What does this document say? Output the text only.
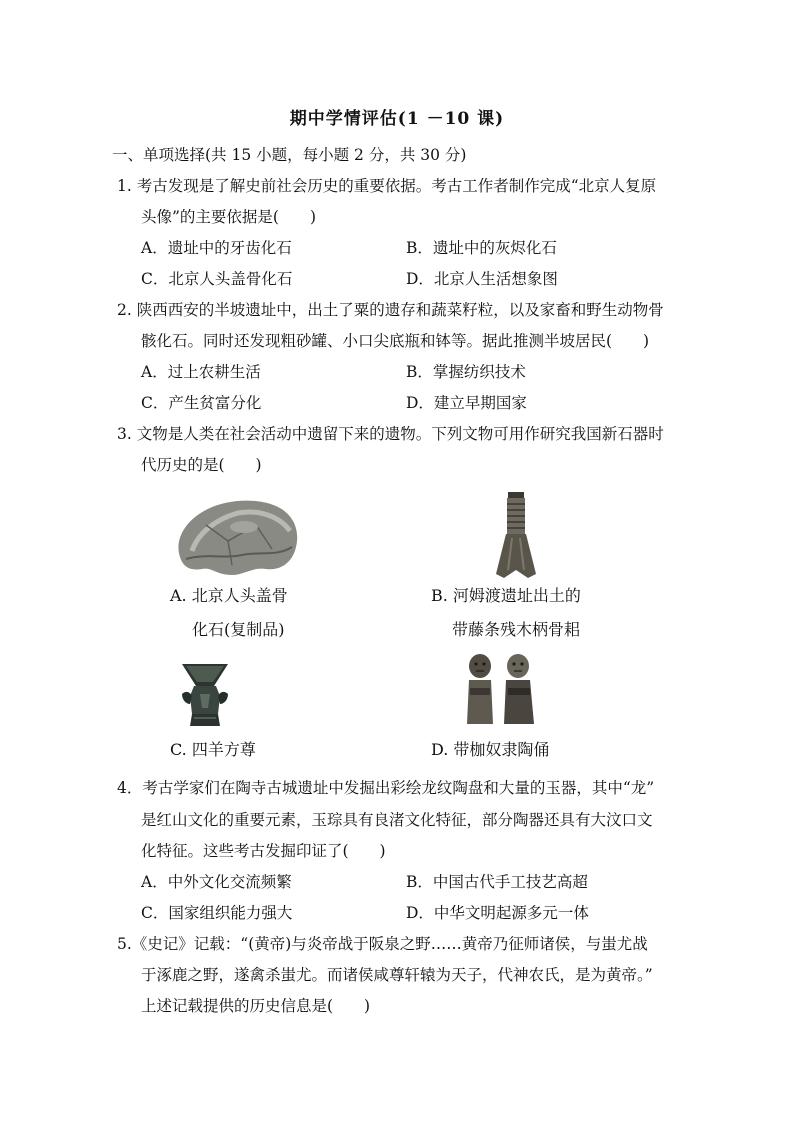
期中学情评估(1 －10 课)
一、单项选择(共 15 小题，每小题 2 分，共 30 分)
1. 考古发现是了解史前社会历史的重要依据。考古工作者制作完成“北京人复原
头像”的主要依据是(　　)
A．遗址中的牙齿化石	B．遗址中的灰烬化石
C．北京人头盖骨化石	D．北京人生活想象图
2. 陕西西安的半坡遗址中，出土了粟的遗存和蔬菜籽粒，以及家畜和野生动物骨
骸化石。同时还发现粗砂罐、小口尖底瓶和钵等。据此推测半坡居民(　　)
A．过上农耕生活	B．掌握纺织技术
C．产生贫富分化	D．建立早期国家
3. 文物是人类在社会活动中遗留下来的遗物。下列文物可用作研究我国新石器时
代历史的是(　　)
A. 北京人头盖骨
化石(复制品)
B. 河姆渡遗址出土的
带藤条残木柄骨耜
C. 四羊方尊	D. 带枷奴隶陶俑
4．考古学家们在陶寺古城遗址中发掘出彩绘龙纹陶盘和大量的玉器，其中“龙”
是红山文化的重要元素，玉琮具有良渚文化特征，部分陶器还具有大汶口文
化特征。这些考古发掘印证了(　　)
A．中外文化交流频繁	B．中国古代手工技艺高超
C．国家组织能力强大	D．中华文明起源多元一体
5.《史记》记载：“(黄帝)与炎帝战于阪泉之野……黄帝乃征师诸侯，与蚩尤战
于涿鹿之野，遂禽杀蚩尤。而诸侯咸尊轩辕为天子，代神农氏，是为黄帝。”
上述记载提供的历史信息是(　　)
